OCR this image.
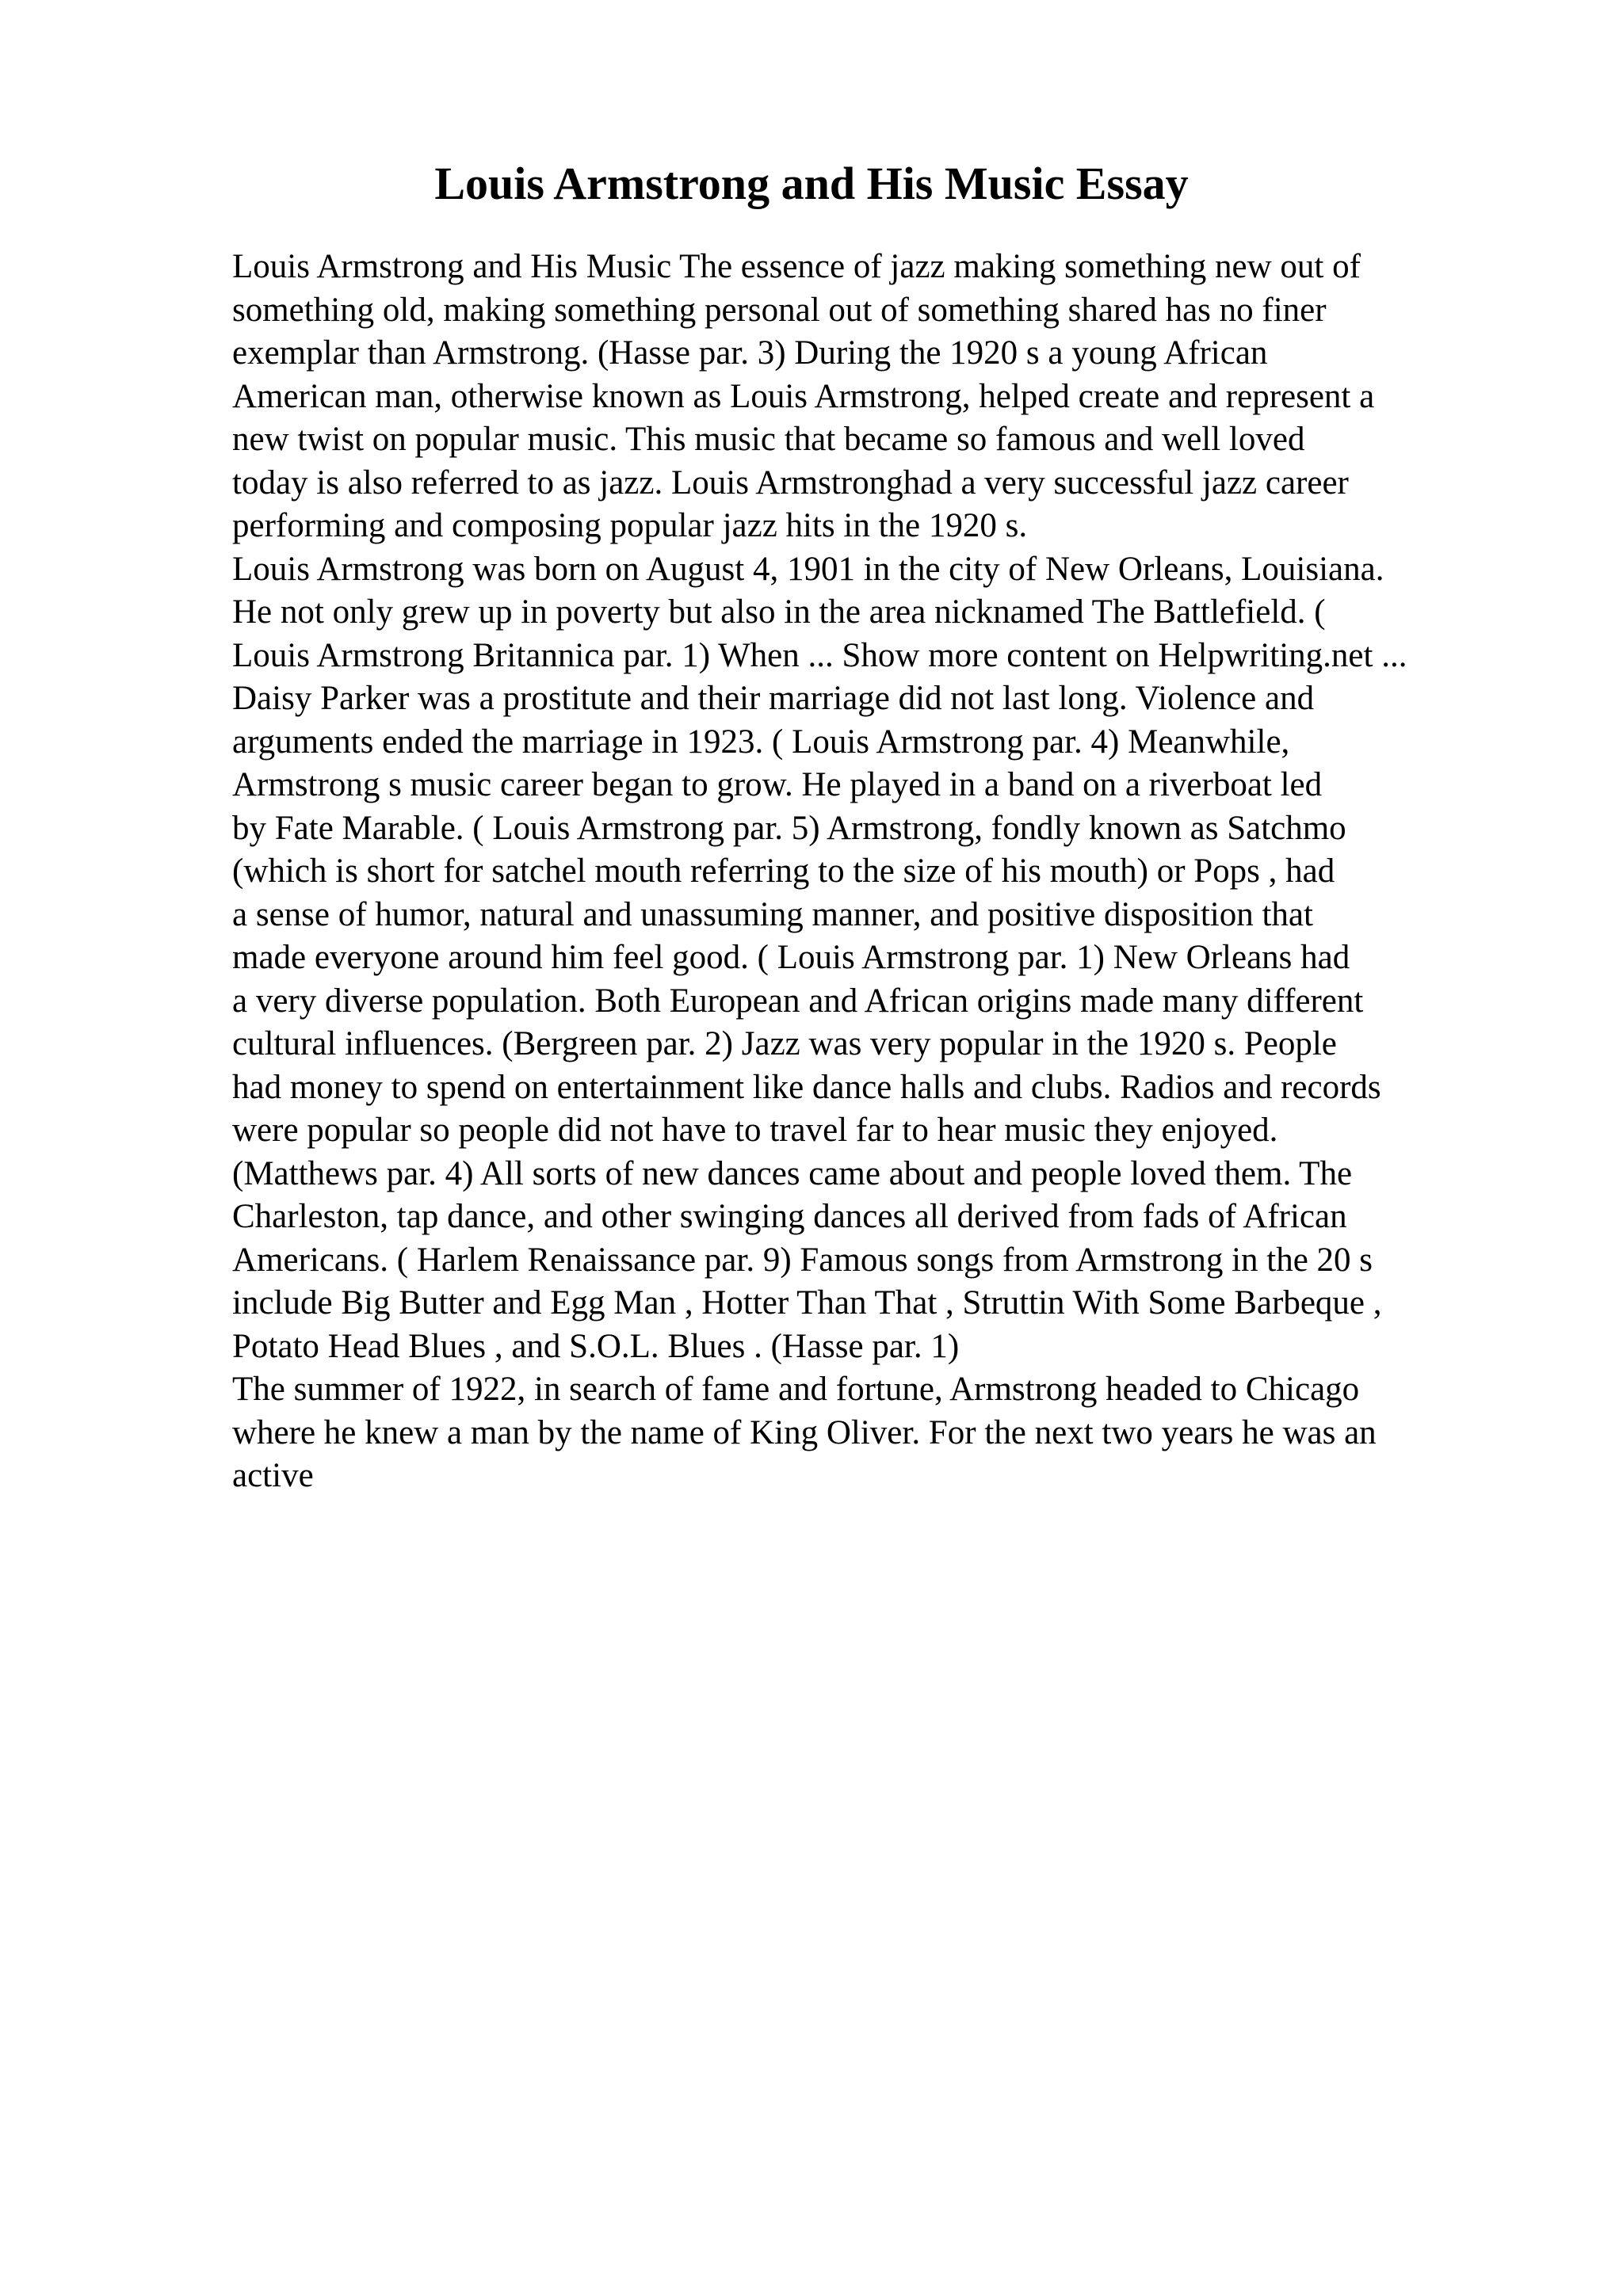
Louis Armstrong and His Music Essay
Louis Armstrong and His Music The essence of jazz making something new out of
something old, making something personal out of something shared has no finer
exemplar than Armstrong. (Hasse par. 3) During the 1920 s a young African
American man, otherwise known as Louis Armstrong, helped create and represent a
new twist on popular music. This music that became so famous and well loved
today is also referred to as jazz. Louis Armstronghad a very successful jazz career
performing and composing popular jazz hits in the 1920 s.
Louis Armstrong was born on August 4, 1901 in the city of New Orleans, Louisiana.
He not only grew up in poverty but also in the area nicknamed The Battlefield. (
Louis Armstrong Britannica par. 1) When ... Show more content on Helpwriting.net ...
Daisy Parker was a prostitute and their marriage did not last long. Violence and
arguments ended the marriage in 1923. ( Louis Armstrong par. 4) Meanwhile,
Armstrong s music career began to grow. He played in a band on a riverboat led
by Fate Marable. ( Louis Armstrong par. 5) Armstrong, fondly known as Satchmo
(which is short for satchel mouth referring to the size of his mouth) or Pops , had
a sense of humor, natural and unassuming manner, and positive disposition that
made everyone around him feel good. ( Louis Armstrong par. 1) New Orleans had
a very diverse population. Both European and African origins made many different
cultural influences. (Bergreen par. 2) Jazz was very popular in the 1920 s. People
had money to spend on entertainment like dance halls and clubs. Radios and records
were popular so people did not have to travel far to hear music they enjoyed.
(Matthews par. 4) All sorts of new dances came about and people loved them. The
Charleston, tap dance, and other swinging dances all derived from fads of African
Americans. ( Harlem Renaissance par. 9) Famous songs from Armstrong in the 20 s
include Big Butter and Egg Man , Hotter Than That , Struttin With Some Barbeque ,
Potato Head Blues , and S.O.L. Blues . (Hasse par. 1)
The summer of 1922, in search of fame and fortune, Armstrong headed to Chicago
where he knew a man by the name of King Oliver. For the next two years he was an
active
